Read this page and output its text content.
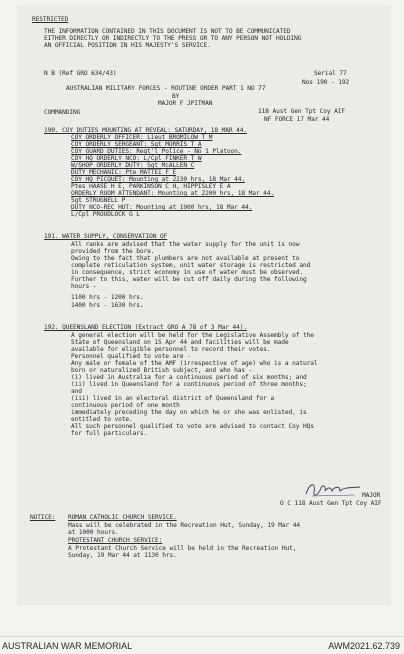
RESTRICTED
THE INFORMATION CONTAINED IN THIS DOCUMENT IS NOT TO BE COMMUNICATED
EITHER DIRECTLY OR INDIRECTLY TO THE PRESS OR TO ANY PERSON NOT HOLDING
AN OFFICIAL POSITION IN HIS MAJESTY'S SERVICE.
N B (Ref GRO 634/43)	Serial 77
Nos 190 - 192
AUSTRALIAN MILITARY FORCES - ROUTINE ORDER PART 1 NO 77
BY
MAJOR F JPITMAN
COMMANDING	118 Aust Gen Tpt Coy AIF
NF FORCE 17 Mar 44
190. COY DUTIES MOUNTING AT REVEAL: SATURDAY, 18 MAR 44.
COY ORDERLY OFFICER: Lieut BROMILOW T M
COY ORDERLY SERGEANT: Sgt MORRIS T A
COY GUARD DUTIES: Regt'l Police - No 1 Platoon.
COY HQ ORDERLY NCO: L/Cpl FINKER T W
W/SHOP ORDERLY DUTY: Sgt McALLEN C
DUTY MECHANIC: Pte MATTEI F E
COY HQ PICQUET: Mounting at 2230 hrs, 18 Mar 44.
Ptes HAASE H E, PARKINSON C H, HIPPISLEY E A
ORDERLY ROOM ATTENDANT: Mounting at 2200 hrs, 18 Mar 44.
Sgt STRUGNELL P
DUTY NCO-REC HUT: Mounting at 1900 hrs, 18 Mar 44.
L/Cpl PROUDLOCK G L
191. WATER SUPPLY, CONSERVATION OF
All ranks are advised that the water supply for the unit is now
provided from the bore.
Owing to the fact that plumbers are not available at present to
complete reticulation system, unit water storage is restricted and
in consequence, strict economy in use of water must be observed.
Further to this, water will be cut off daily during the following
hours -
1100 hrs - 1200 hrs.
1400 hrs - 1630 hrs.
192. QUEENSLAND ELECTION (Extract GRO A 78 of 3 Mar 44).
A general election will be held for the Legislative Assembly of the
State of Queensland on 15 Apr 44 and facilities will be made
available for eligible personnel to record their votes.
Personnel qualified to vote are -
Any male or female of the AMF (irrespective of age) who is a natural
born or naturalized British subject, and who has -
(i) lived in Australia for a continuous period of six months; and
(ii) lived in Queensland for a continuous period of three months;
and
(iii) lived in an electoral district of Queensland for a
continuous period of one month
immediately preceding the day on which he or she was enlisted, is
entitled to vote.
All such personnel qualified to vote are advised to contact Coy HQs
for full particulars.
MAJOR
O C 118 Aust Gen Tpt Coy AIF
NOTICE: ROMAN CATHOLIC CHURCH SERVICE.
Mass will be celebrated in the Recreation Hut, Sunday, 19 Mar 44
at 1000 hours.
PROTESTANT CHURCH SERVICE:
A Protestant Church Service will be held in the Recreation Hut,
Sunday, 19 Mar 44 at 1130 hrs.
AUSTRALIAN WAR MEMORIAL	AWM2021.62.739
